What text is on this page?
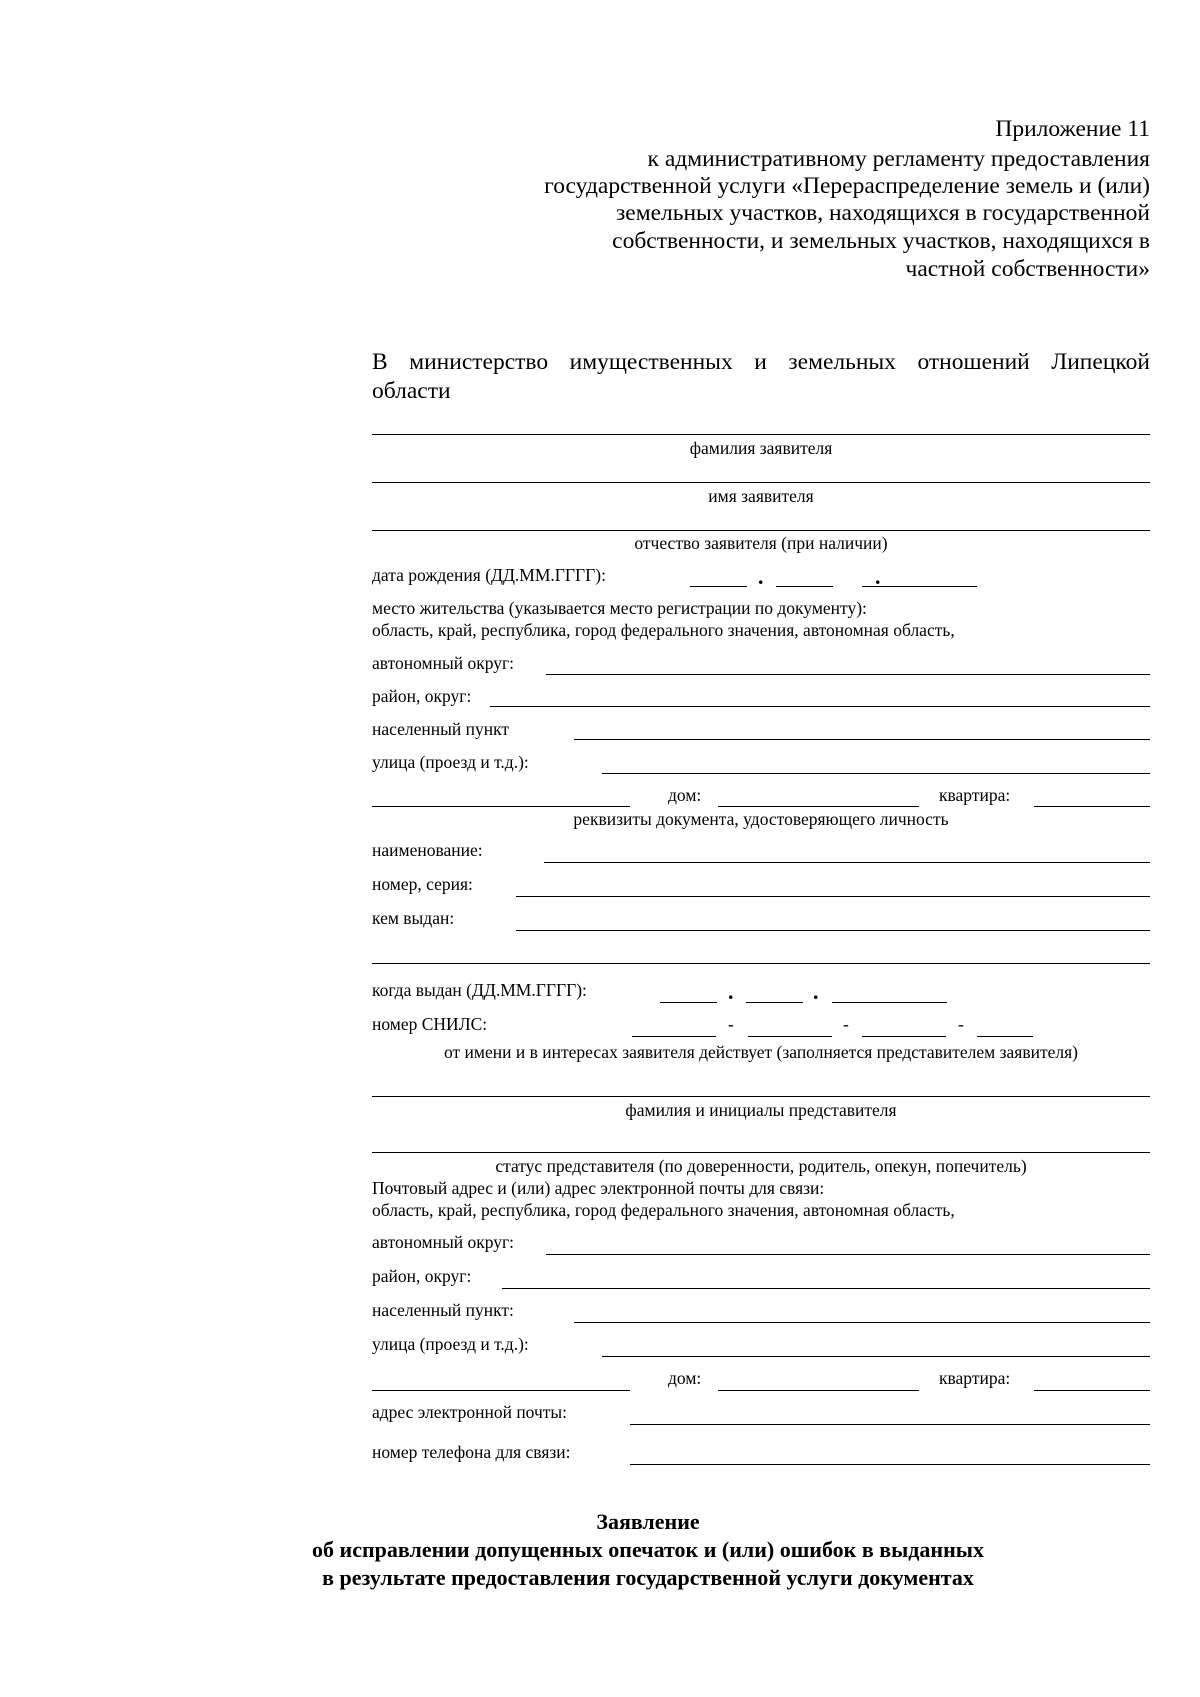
Приложение 11
к административному регламенту предоставления
государственной услуги «Перераспределение земель и (или)
земельных участков, находящихся в государственной
собственности, и земельных участков, находящихся в
частной собственности»
В министерство имущественных и земельных отношений Липецкой
области
фамилия заявителя
имя заявителя
отчество заявителя (при наличии)
дата рождения (ДД.ММ.ГГГГ):	.	.
место жительства (указывается место регистрации по документу):
область, край, республика, город федерального значения, автономная область,
автономный округ:
район, округ:
населенный пункт
улица (проезд и т.д.):
дом:	квартира:
реквизиты документа, удостоверяющего личность
наименование:
номер, серия:
кем выдан:
когда выдан (ДД.ММ.ГГГГ):	.	.
номер СНИЛС:	-	-	-
от имени и в интересах заявителя действует (заполняется представителем заявителя)
фамилия и инициалы представителя
статус представителя (по доверенности, родитель, опекун, попечитель)
Почтовый адрес и (или) адрес электронной почты для связи:
область, край, республика, город федерального значения, автономная область,
автономный округ:
район, округ:
населенный пункт:
улица (проезд и т.д.):
дом:	квартира:
адрес электронной почты:
номер телефона для связи:
Заявление
об исправлении допущенных опечаток и (или) ошибок в выданных
в результате предоставления государственной услуги документах
